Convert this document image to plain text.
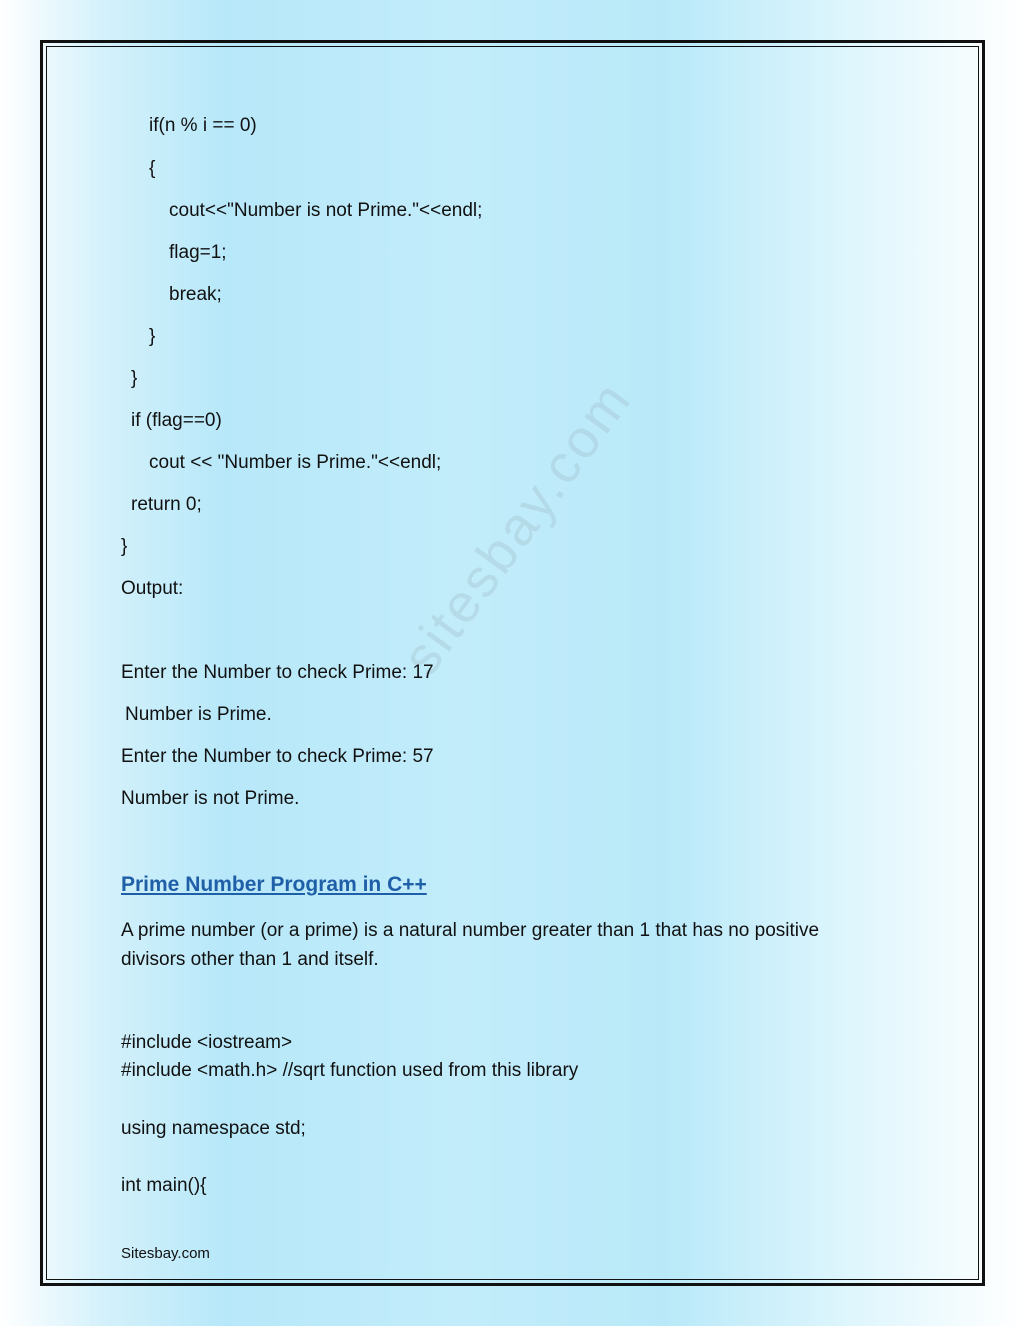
sitesbay.com

if(n % i == 0)

{

cout<<"Number is not Prime."<<endl;

flag=1;

break;

}

}

if (flag==0)

cout << "Number is Prime."<<endl;

return 0;

}

Output:

Enter the Number to check Prime: 17

Number is Prime.

Enter the Number to check Prime: 57

Number is not Prime.

Prime Number Program in C++

A prime number (or a prime) is a natural number greater than 1 that has no positive divisors other than 1 and itself.

#include <iostream>

#include <math.h> //sqrt function used from this library

using namespace std;

int main(){

Sitesbay.com
